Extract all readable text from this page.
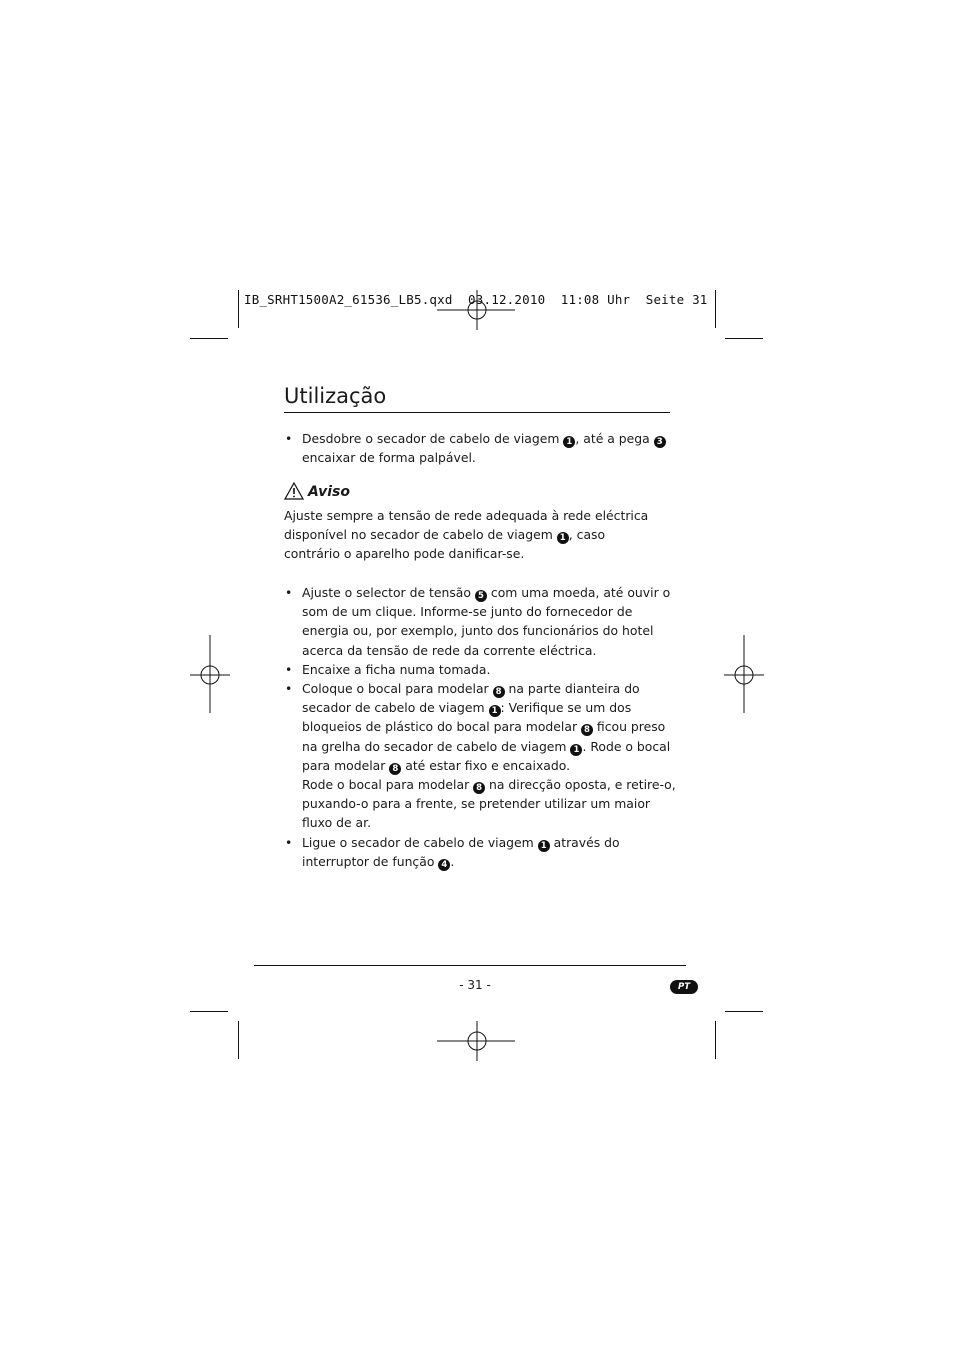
IB_SRHT1500A2_61536_LB5.qxd  03.12.2010  11:08 Uhr  Seite 31
Utilização
• Desdobre o secador de cabelo de viagem 1 , até a pega 3 encaixar de forma palpável.
Aviso
Ajuste sempre a tensão de rede adequada à rede eléctrica disponível no secador de cabelo de viagem 1 , caso contrário o aparelho pode danificar-se.
• Ajuste o selector de tensão 5 com uma moeda, até ouvir o som de um clique. Informe-se junto do fornecedor de energia ou, por exemplo, junto dos funcionários do hotel acerca da tensão de rede da corrente eléctrica.
• Encaixe a ficha numa tomada.
• Coloque o bocal para modelar 8 na parte dianteira do secador de cabelo de viagem 1 : Verifique se um dos bloqueios de plástico do bocal para modelar 8 ficou preso na grelha do secador de cabelo de viagem 1 . Rode o bocal para modelar 8 até estar fixo e encaixado.
Rode o bocal para modelar 8 na direcção oposta, e retire-o, puxando-o para a frente, se pretender utilizar um maior fluxo de ar.
• Ligue o secador de cabelo de viagem 1 através do interruptor de função 4 .
- 31 -	PT
